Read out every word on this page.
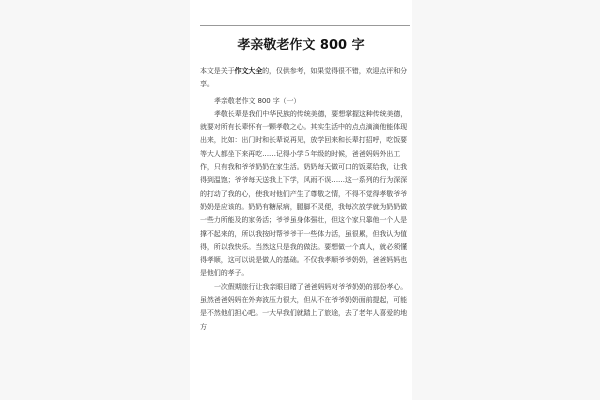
孝亲敬老作文 800 字

本文是关于作文大全的，仅供参考，如果觉得很不错，欢迎点评和分享。

孝亲敬老作文 800 字（一）

孝敬长辈是我们中华民族的传统美德，要想掌握这种传统美德，就要对所有长辈怀有一颗孝敬之心。其实生活中的点点滴滴他能体现出来，比如：出门时和长辈说再见，放学回来和长辈打招呼，吃饭要等大人都坐下来再吃……记得小学５年级的时候，爸爸妈妈外出工作，只有我和爷爷奶奶在家生活。奶奶每天做可口的饭菜给我，让我得到温饱；爷爷每天送我上下学，风雨不误……这一系列的行为深深的打动了我的心，使我对他们产生了尊敬之情，不得不觉得孝敬爷爷奶奶是应该的。奶奶有糖尿病，腿脚不灵便，我每次放学就为奶奶做一些力所能及的家务活；爷爷虽身体强壮，但这个家只靠他一个人是撑不起来的，所以我按时帮爷爷干一些体力活，虽很累，但我认为值得，所以我快乐。当然这只是我的做法。要想做一个真人，就必须懂得孝顺，这可以说是做人的基础。不仅我孝顺爷爷奶奶，爸爸妈妈也是他们的孝子。

一次假期旅行让我亲眼目睹了爸爸妈妈对爷爷奶奶的那份孝心。虽然爸爸妈妈在外奔波压力很大，但从不在爷爷奶奶面前提起，可能是不然他们担心吧。一大早我们就踏上了旅途，去了老年人喜爱的地方
